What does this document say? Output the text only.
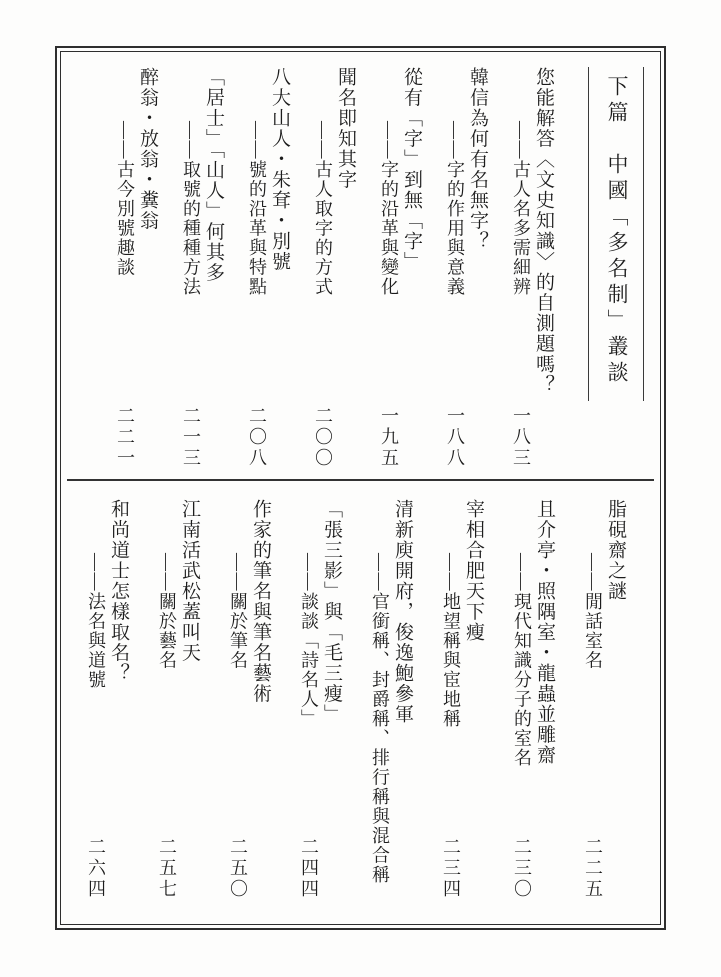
下篇　中國「多名制」叢談
您能解答〈文史知識〉的自測題嗎？
——古人名多需細辨
一八三
韓信為何有名無字？
——字的作用與意義
一八八
從有「字」到無「字」
——字的沿革與變化
一九五
聞名即知其字
——古人取字的方式
二〇〇
八大山人・朱耷・別號
——號的沿革與特點
二〇八
「居士」「山人」何其多
——取號的種種方法
二一三
醉翁・放翁・糞翁
——古今別號趣談
二二一
脂硯齋之謎
——閒話室名
二二五
且介亭・照隅室・龍蟲並雕齋
——現代知識分子的室名
二三〇
宰相合肥天下瘦
——地望稱與宦地稱
二三四
清新庾開府，俊逸鮑參軍
——官銜稱、封爵稱、排行稱與混合稱
「張三影」與「毛三瘦」
——談談「詩名人」
二四四
作家的筆名與筆名藝術
——關於筆名
二五〇
江南活武松蓋叫天
——關於藝名
二五七
和尚道士怎樣取名？
——法名與道號
二六四
